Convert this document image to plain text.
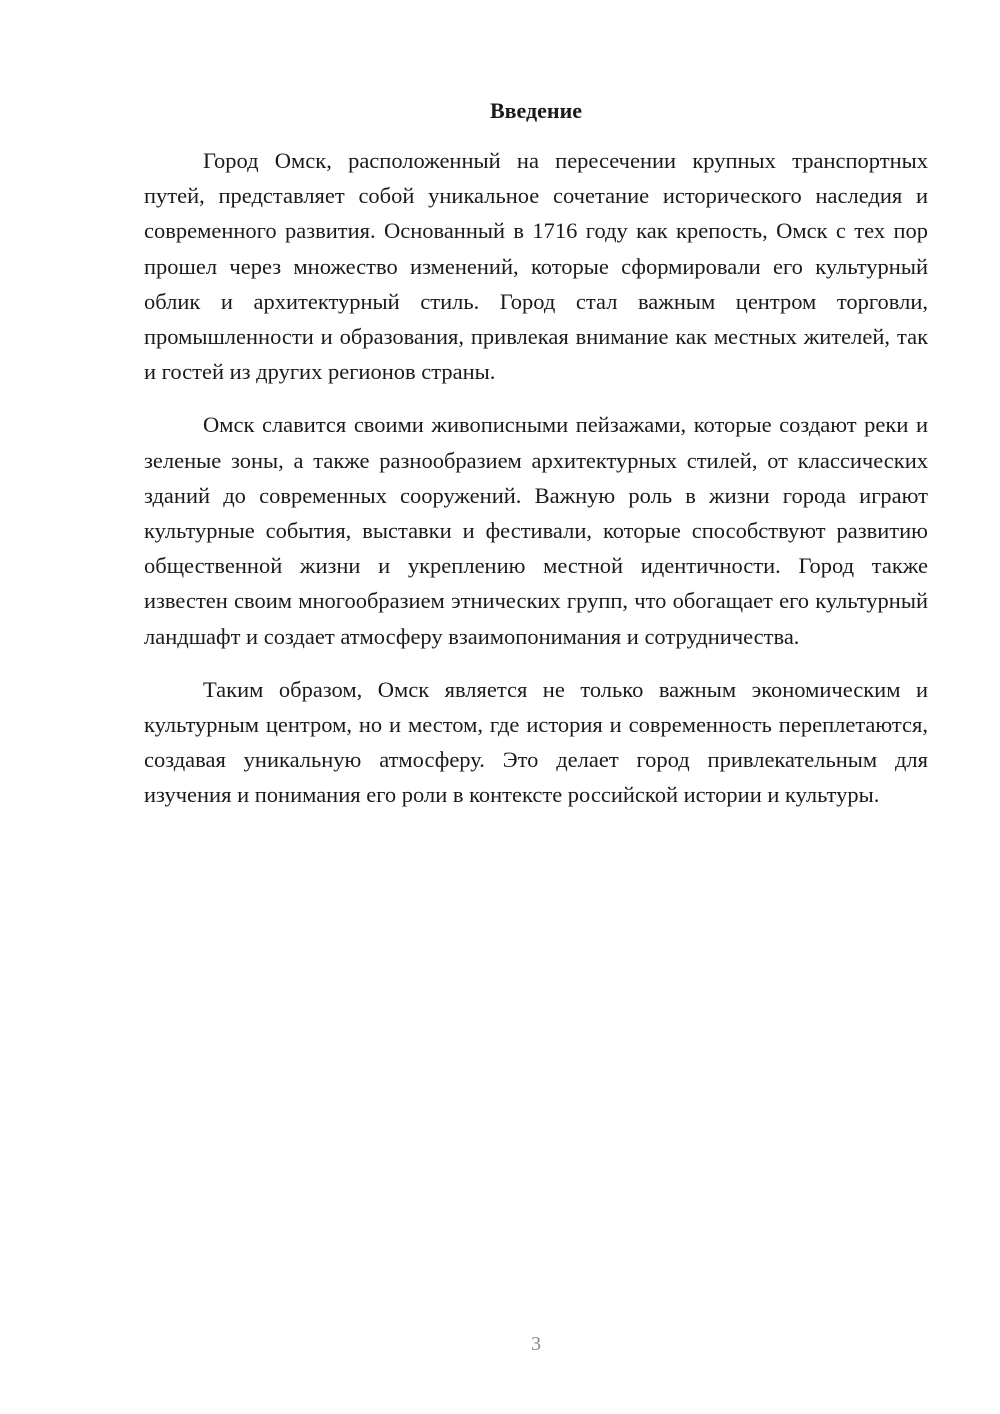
Введение

Город Омск, расположенный на пересечении крупных транспортных путей, представляет собой уникальное сочетание исторического наследия и современного развития. Основанный в 1716 году как крепость, Омск с тех пор прошел через множество изменений, которые сформировали его культурный облик и архитектурный стиль. Город стал важным центром торговли, промышленности и образования, привлекая внимание как местных жителей, так и гостей из других регионов страны.

Омск славится своими живописными пейзажами, которые создают реки и зеленые зоны, а также разнообразием архитектурных стилей, от классических зданий до современных сооружений. Важную роль в жизни города играют культурные события, выставки и фестивали, которые способствуют развитию общественной жизни и укреплению местной идентичности. Город также известен своим многообразием этнических групп, что обогащает его культурный ландшафт и создает атмосферу взаимопонимания и сотрудничества.

Таким образом, Омск является не только важным экономическим и культурным центром, но и местом, где история и современность переплетаются, создавая уникальную атмосферу. Это делает город привлекательным для изучения и понимания его роли в контексте российской истории и культуры.

3
